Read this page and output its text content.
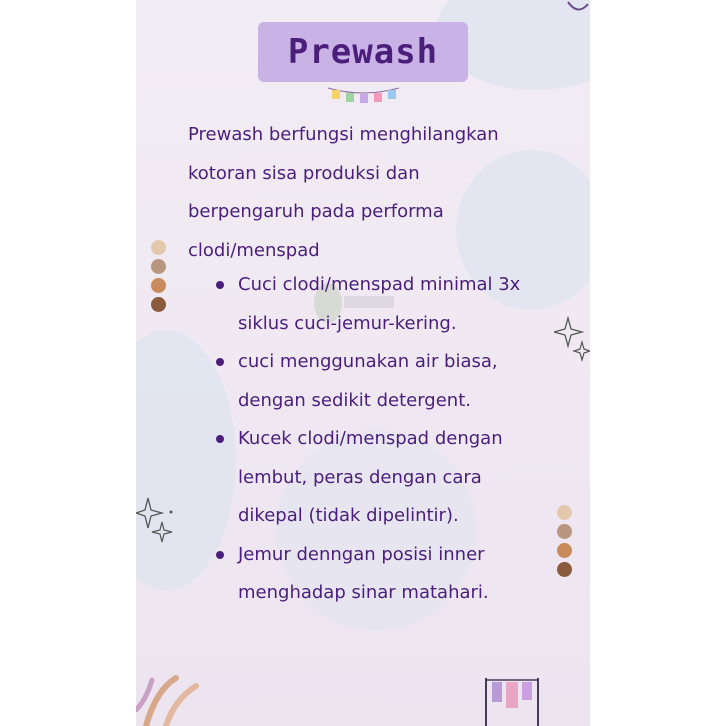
Prewash
Prewash berfungsi menghilangkan
kotoran sisa produksi dan
berpengaruh pada performa
clodi/menspad
Cuci clodi/menspad minimal 3x
siklus cuci-jemur-kering.
cuci menggunakan air biasa,
dengan sedikit detergent.
Kucek clodi/menspad dengan
lembut, peras dengan cara
dikepal (tidak dipelintir).
Jemur denngan posisi inner
menghadap sinar matahari.
